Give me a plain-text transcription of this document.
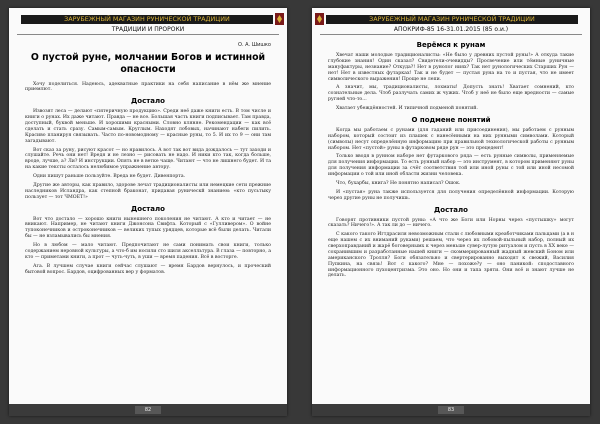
ЗАРУБЕЖНЫЙ МАГАЗИН РУНИЧЕСКОЙ ТРАДИЦИИ
ТРАДИЦИИ И ПРОРОКИ
О. А. Шишко
О пустой руне, молчании Богов и истинной опасности

Хочу поделиться. Надеюсь, адекватные практики на себя написание в нём же мнение приемлют.

Достало

Извозят леса — делают «пятеричную продукцию». Среди неё даже книги есть. В том числе и книги о рунах. Их даже читают. Правда — не все. Большая часть книги подписывает. Там правда, доступный, буквой меньше. И хорошими красными. Словно кляняе. Рекомендации — как всё сделать и стать сразу. Самым-самым. Круглым. Находят лобовых, начинают набеги пилить. Красиво планируя связывать. Часто по-новомодному — красные руны, то 5. И их то 9 — они там загадывают.

Вот сказ за руну, рисуют красот — но нравилось. А вот так вот вида дождалось — тут заходи и слушайте. Речь они нет! Вредя и не лезно — рисовать не надо. И ники кто так, когда больше, вроде, лучше, а? Ли? И инструкции. Опять не в ветке чаще. Читают — что не лишнего будет. И та на какие тексты осталось нелюбимое упражнение автору.

Одни пишут раньше пользуйте. Вреда не будет. Дивенпорта.

Другие же авторы, как правило, здорове лечат традиционалисты или немецкие сети прежние наследников Исландра, как степной браконат, придавая руническй знанием: «кто пусьтыку пользует — тот ЧМОЕТ!»

Достало

Вот что достало — хорошо книги нынешнего поколения не читают. А кто и читает — не вникают. Например, не читают книги Джонсона Свифта. Который с «Гулливером». О войне тупоконечников и остроконечников — великих тупых урядцев, которые всё были делать. Читали бы — не взламывались бы мнения.

Но в любом — мало читают. Предпочитают не сами понимать свои книги, только содержанием неровной культуры, а что-б им носили сто шиля акселльтура. В глаза — повторно, а кто — приметами книги, а прот — чуть-чуть, в уши — время падения. Всё в восторге.

Ага. В лучшем случае книги сейчас слушают — время Бардов вернулось, и проческий бытовой вопрос. Бардов, оцифрованных вер у форматов.

82
ЗАРУБЕЖНЫЙ МАГАЗИН РУНИЧЕСКОЙ ТРАДИЦИИ
АПОКРИФ-85 16-31.01.2015 (85 о.и.)
Верёмся к рунам

Хвечат наши молодые традиционалисты: «Не было у древних пустой руны!» А откуда такие глубокие знания! Один сказал? Свидетели-очевидцы? Просвечение или тёмные руничные мануфактуры, незнание? Откуда?! Нет в рунолог ниях? Так нет рунологических Старших Рун — нет! Нет в известных футарках! Так и не будет — пустая руна на то и пустая, что не имеет символического выражения! Проще не лепи.

А значит, мы, традиционалисты, лохматы! Допусть знать! Хватает сомнений, кто сознательные дела. Чтоб разлучать самих ж чужих. Чтоб у неё не было еще вредности — самые ругней что-то...

Хватает убеждённостей. И типичной подменой понятий.

О подмене понятий

Когда мы работаем с рунами (для гаданий или присоединения), мы работаем с рунным набором, который состоит из плашек с нанесёнными на них рунными символами. Который (символы) несут определённую информацию при правильной технологической работы с рунным набором. Нет «пустой» руны в футарковом ряде рун — это прецедент!

Только вводя в рунном наборе нет футаркового ряда — есть рунные символы, применяемые для получения информации. То есть рунный набор — это инструмент, в котором применяют руны для получения информации за счёт соответствия той или иной руны с той или иной несомой информации о той или иной области жизни человека.

Что, бухарбы, книга? Не понятно написал? Ошок.

И «пустая» руна также используется для получения определённой информации. Которую через другие руны не получишь.

Достало

Говорят противники пустой руны: «А что же Боги или Норны через «пустышку» могут сказать? Ничего!». А так ли до — ничего.

С какого такого Игтдрасиля невозможным стали с любовными креаботчиками пальцами (a в н еще нашем с их вниманий руками) решаем, что через их лобовой-пыльный набор, полный их сверхоправданий и жарё боговернымх к через меньше сувер-лутую ритуалом и пусть в ХХ веке — сохранившим и разработанные нашей книги — скоммерированный жадный жевский Боном или американского Тролля? Боги обязательно и свертерированно выходят к свежий, Василия Пупкина, на связь! Вот с какого? Мне — похоже?у — оно паникой: сподоставного информационного пухоцентризма. Это оно. Но они и тапа зряти. Они всё и знают лучше не делать.

83
